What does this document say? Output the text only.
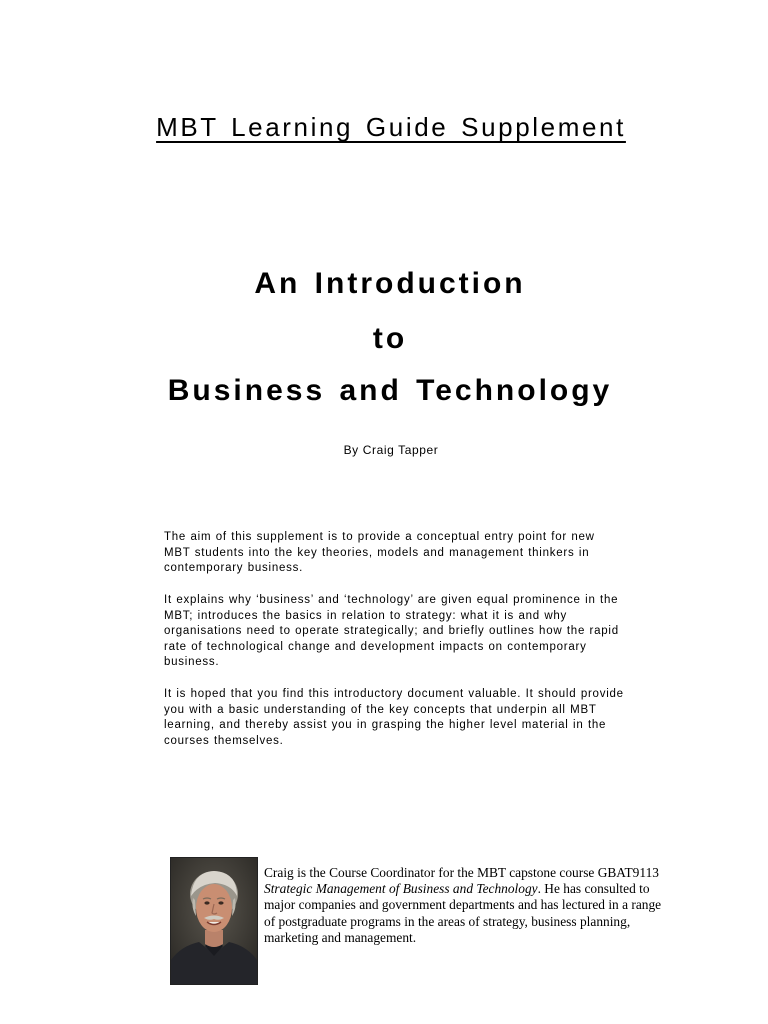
MBT Learning Guide Supplement
An Introduction
to
Business and Technology
By Craig Tapper

The aim of this supplement is to provide a conceptual entry point for new MBT students into the key theories, models and management thinkers in contemporary business.

It explains why ‘business’ and ‘technology’ are given equal prominence in the MBT; introduces the basics in relation to strategy: what it is and why organisations need to operate strategically; and briefly outlines how the rapid rate of technological change and development impacts on contemporary business.

It is hoped that you find this introductory document valuable. It should provide you with a basic understanding of the key concepts that underpin all MBT learning, and thereby assist you in grasping the higher level material in the courses themselves.

Craig is the Course Coordinator for the MBT capstone course GBAT9113 Strategic Management of Business and Technology. He has consulted to major companies and government departments and has lectured in a range of postgraduate programs in the areas of strategy, business planning, marketing and management.
